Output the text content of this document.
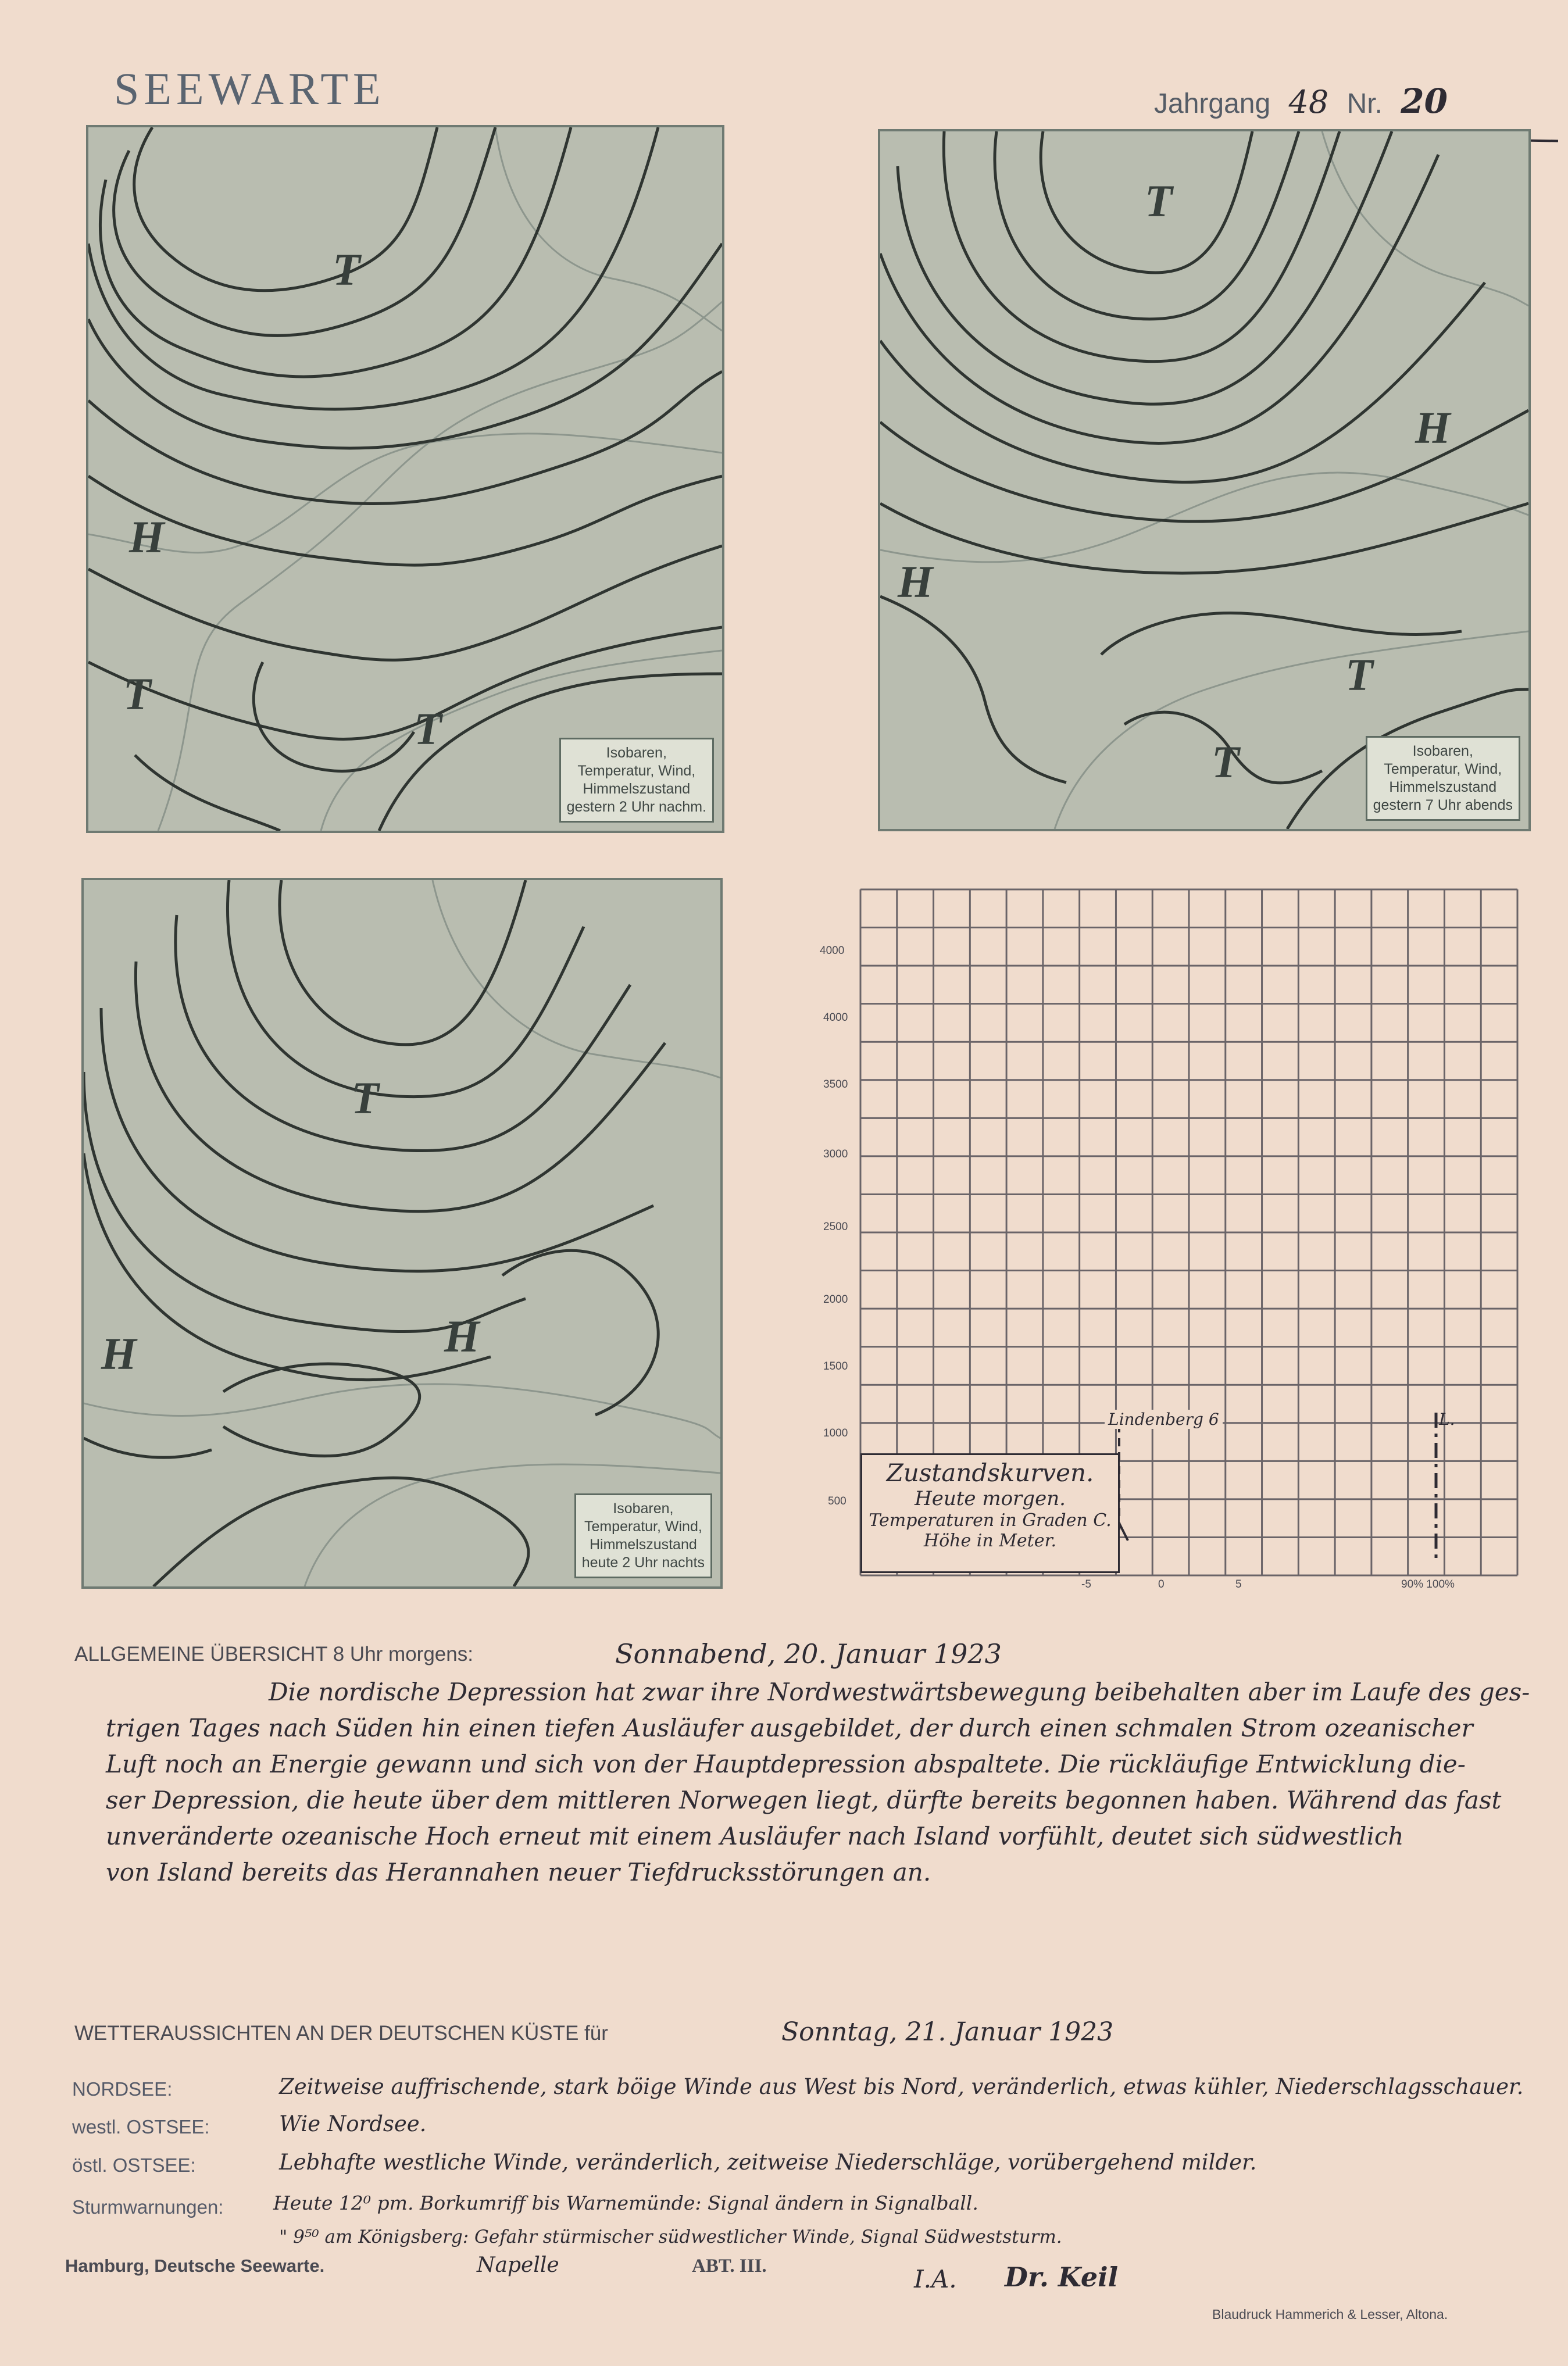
SEEWARTE	Jahrgang 48 Nr. 20
T
H
T
T	Isobaren,
Temperatur, Wind,
Himmelszustand
gestern 2 Uhr nachm.
T
H
H
T
T	Isobaren,
Temperatur, Wind,
Himmelszustand
gestern 7 Uhr abends
T
H	H
Isobaren,
Temperatur, Wind,
Himmelszustand
heute 2 Uhr nachts
4000
4000
3500
3000
2500
2000
1500
1000
500
-5	0	5	90% 100%
Lindenberg 6	L.
Zustandskurven.
Heute morgen.
Temperaturen in Graden C.
Höhe in Meter.
ALLGEMEINE ÜBERSICHT 8 Uhr morgens:	Sonnabend, 20. Januar 1923
Die nordische Depression hat zwar ihre Nordwestwärtsbewegung beibehalten aber im Laufe des ges-
trigen Tages nach Süden hin einen tiefen Ausläufer ausgebildet, der durch einen schmalen Strom ozeanischer
Luft noch an Energie gewann und sich von der Hauptdepression abspaltete. Die rückläufige Entwicklung die-
ser Depression, die heute über dem mittleren Norwegen liegt, dürfte bereits begonnen haben. Während das fast
unveränderte ozeanische Hoch erneut mit einem Ausläufer nach Island vorfühlt, deutet sich südwestlich
von Island bereits das Herannahen neuer Tiefdrucksstörungen an.
WETTERAUSSICHTEN AN DER DEUTSCHEN KÜSTE für	Sonntag, 21. Januar 1923
NORDSEE:	Zeitweise auffrischende, stark böige Winde aus West bis Nord, veränderlich, etwas kühler, Niederschlagsschauer.
westl. OSTSEE:	Wie Nordsee.
östl. OSTSEE:	Lebhafte westliche Winde, veränderlich, zeitweise Niederschläge, vorübergehend milder.
Sturmwarnungen:	Heute 12⁰ pm. Borkumriff bis Warnemünde: Signal ändern in Signalball.
" 9⁵⁰ am Königsberg: Gefahr stürmischer südwestlicher Winde, Signal Südweststurm.
Hamburg, Deutsche Seewarte.	Napelle	ABT. III.	I.A. Dr. Keil
Blaudruck Hammerich & Lesser, Altona.
